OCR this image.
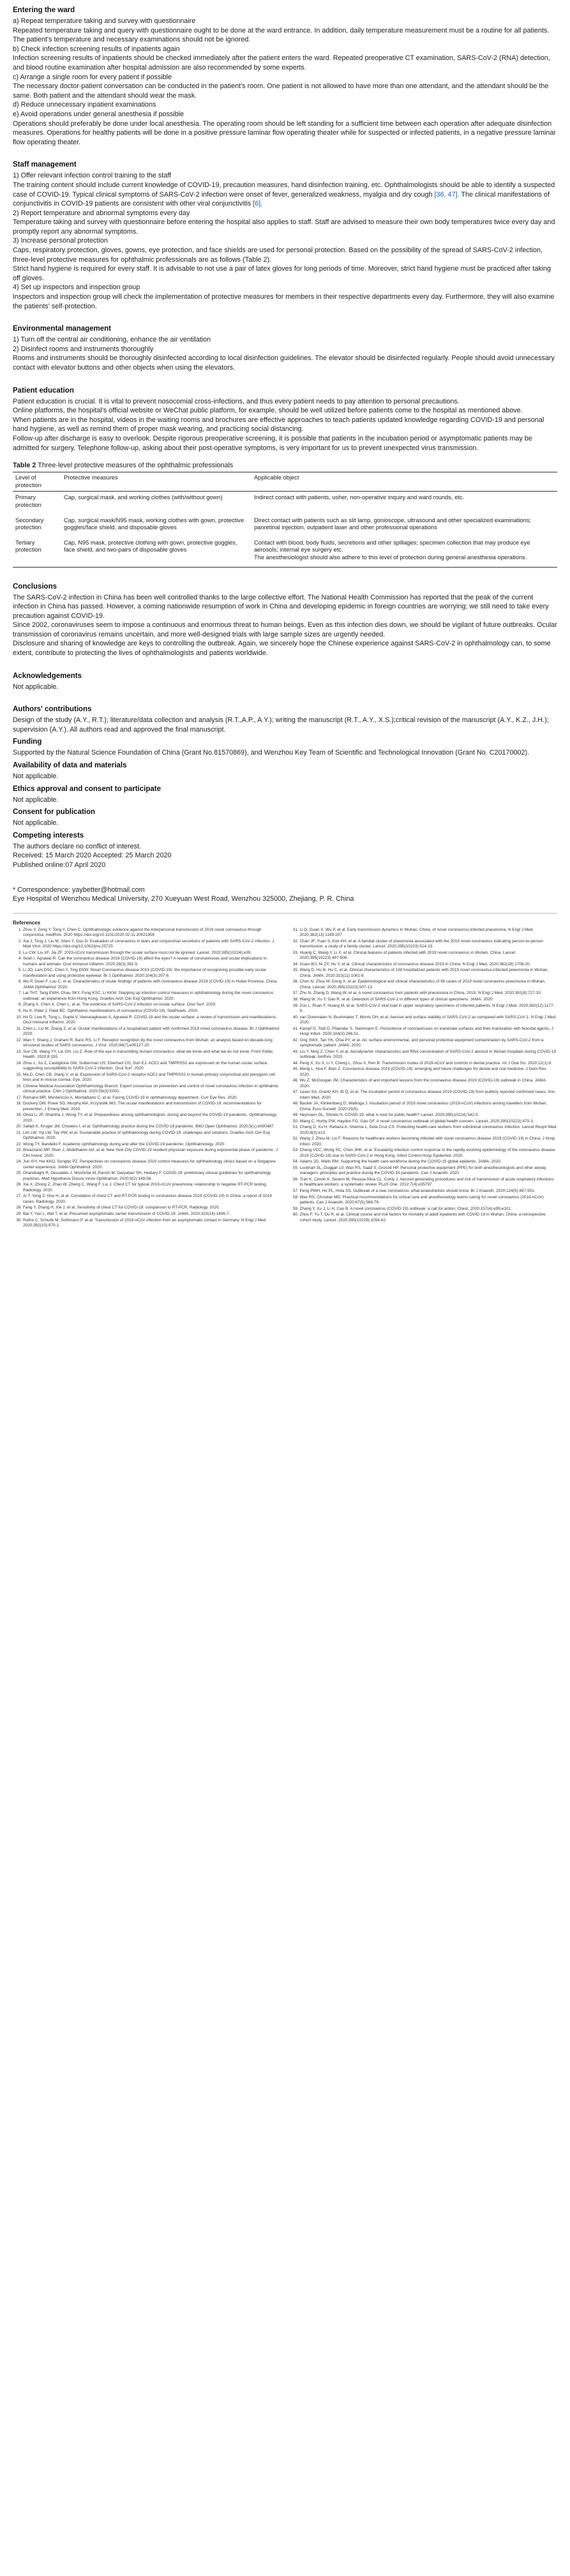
Entering the ward

a) Repeat temperature taking and survey with questionnaire

Repeated temperature taking and query with questionnaire ought to be done at the ward entrance. In addition, daily temperature measurement must be a routine for all patients. The patient's temperature and necessary examinations should not be ignored.

b) Check infection screening results of inpatients again

Infection screening results of inpatients should be checked immediately after the patient enters the ward. Repeated preoperative CT examination, SARS-CoV-2 (RNA) detection, and blood routine examination after hospital admission are also recommended by some experts.

c) Arrange a single room for every patient if possible

The necessary doctor-patient conversation can be conducted in the patient's room. One patient is not allowed to have more than one attendant, and the attendant should be the same. Both patient and the attendant should wear the mask.

d) Reduce unnecessary inpatient examinations

e) Avoid operations under general anesthesia if possible

Operations should preferably be done under local anesthesia. The operating room should be left standing for a sufficient time between each operation after adequate disinfection measures. Operations for healthy patients will be done in a positive pressure laminar flow operating theater while for suspected or infected patients, in a negative pressure laminar flow operating theater.

Staff management

1) Offer relevant infection control training to the staff

The training content should include current knowledge of COVID-19, precaution measures, hand disinfection training, etc. Ophthalmologists should be able to identify a suspected case of COVID-19. Typical clinical symptoms of SARS-CoV-2 infection were onset of fever, generalized weakness, myalgia and dry cough [36, 47]. The clinical manifestations of conjunctivitis in COVID-19 patients are consistent with other viral conjunctivitis [6].

2) Report temperature and abnormal symptoms every day

Temperature taking and survey with questionnaire before entering the hospital also applies to staff. Staff are advised to measure their own body temperatures twice every day and promptly report any abnormal symptoms.

3) Increase personal protection

Caps, respiratory protection, gloves, gowns, eye protection, and face shields are used for personal protection. Based on the possibility of the spread of SARS-CoV-2 infection, three-level protective measures for ophthalmic professionals are as follows (Table 2).

Strict hand hygiene is required for every staff. It is advisable to not use a pair of latex gloves for long periods of time. Moreover, strict hand hygiene must be practiced after taking off gloves.

4) Set up inspectors and inspection group

Inspectors and inspection group will check the implementation of protective measures for members in their respective departments every day. Furthermore, they will also examine the patients' self-protection.

Environmental management

1) Turn off the central air conditioning, enhance the air ventilation

2) Disinfect rooms and instruments thoroughly

Rooms and instruments should be thoroughly disinfected according to local disinfection guidelines. The elevator should be disinfected regularly. People should avoid unnecessary contact with elevator buttons and other objects when using the elevators.

Patient education

Patient education is crucial. It is vital to prevent nosocomial cross-infections, and thus every patient needs to pay attention to personal precautions.

Online platforms, the hospital's official website or WeChat public platform, for example, should be well utilized before patients come to the hospital as mentioned above.

When patients are in the hospital, videos in the waiting rooms and brochures are effective approaches to teach patients updated knowledge regarding COVID-19 and personal hand hygiene, as well as remind them of proper mask wearing, and practicing social distancing.

Follow-up after discharge is easy to overlook. Despite rigorous preoperative screening, it is possible that patients in the incubation period or asymptomatic patients may be admitted for surgery. Telephone follow-up, asking about their post-operative symptoms, is very important for us to prevent unexpected virus transmission.

Table 2 Three-level protective measures of the ophthalmic professionals
Level of protection	Protective measures	Applicable object
Primary protection	Cap, surgical mask, and working clothes (with/without gown)	Indirect contact with patients, usher, non-operative inquiry and ward rounds, etc.
Secondary protection	Cap, surgical mask/N95 mask, working clothes with gown, protective goggles/face shield, and disposable gloves	Direct contact with patients such as slit lamp, gonioscope, ultrasound and other specialized examinations; panretinal injection, outpatient laser and other professional operations
Tertiary protection	Cap, N95 mask, protective clothing with gown, protective goggles, face shield, and two-pairs of disposable gloves	Contact with blood, body fluids, secretions and other spillages; specimen collection that may produce eye aerosols; internal eye surgery etc.
The anesthesiologist should also adhere to this level of protection during general anesthesia operations.
Conclusions

The SARS-CoV-2 infection in China has been well controlled thanks to the large collective effort. The National Health Commission has reported that the peak of the current infection in China has passed. However, a coming nationwide resumption of work in China and developing epidemic in foreign countries are worrying; we still need to take every precaution against COVID-19.

Since 2002, coronaviruses seem to impose a continuous and enormous threat to human beings. Even as this infection dies down, we should be vigilant of future outbreaks. Ocular transmission of coronavirus remains uncertain, and more well-designed trials with large sample sizes are urgently needed.

Disclosure and sharing of knowledge are keys to controlling the outbreak. Again, we sincerely hope the Chinese experience against SARS-CoV-2 in ophthalmology can, to some extent, contribute to protecting the lives of ophthalmologists and patients worldwide.

Acknowledgements

Not applicable.

Authors' contributions

Design of the study (A.Y., R.T.); literature/data collection and analysis (R.T.,A.P., A.Y.); writing the manuscript (R.T., A.Y., X.S.);critical revision of the manuscript (A.Y., K.Z., J.H.); supervision (A.Y.). All authors read and approved the final manuscript.

Funding

Supported by the Natural Science Foundation of China (Grant No.81570869), and Wenzhou Key Team of Scientific and Technological Innovation (Grant No. C20170002).

Availability of data and materials

Not applicable.

Ethics approval and consent to participate

Not applicable.

Consent for publication

Not applicable.

Competing interests

The authors declare no conflict of interest.

Received: 15 March 2020 Accepted: 25 March 2020

Published online:07 April 2020

* Correspondence: yaybetter@hotmail.com
Eye Hospital of Wenzhou Medical University, 270 Xueyuan West Road, Wenzhou 325000, Zhejiang, P. R. China
References
1. Zhou Y, Zeng Y, Tong Y, Chen C. Ophthalmologic evidence against the interpersonal transmission of 2019 novel coronavirus through conjunctiva. medRxiv. 2020 https://doi.org/10.1101/2020.02.11.20021956
2. Xia J, Tong J, Liu M, Shen Y, Guo D. Evaluation of coronavirus in tears and conjunctival secretions of patients with SARS-CoV-2 infection. J Med Virol. 2020 https://doi.org/10.1002/jmv.25725
3. Lu CW, Liu XF, Jia ZF. 2019-nCoV transmission through the ocular surface must not be ignored. Lancet. 2020;395(10224):e39.
4. Seah I, Agrawal R. Can the coronavirus disease 2019 (COVID-19) affect the eyes? A review of coronaviruses and ocular implications in humans and animals. Ocul Immunol Inflamm. 2020;28(3):391-5.
5. Li JO, Lam DSC, Chen Y, Ting DSW. Novel Coronavirus disease 2019 (COVID-19): the importance of recognising possible early ocular manifestation and using protective eyewear. Br J Ophthalmol. 2020;104(3):297-8.
6. Wu P, Duan F, Luo C, et al. Characteristics of ocular findings of patients with coronavirus disease 2019 (COVID-19) in Hubei Province, China. JAMA Ophthalmol. 2020.
7. Lai THT, Tang EWH, Chau SKY, Fung KSC, Li KKW. Stepping up infection control measures in ophthalmology during the novel coronavirus outbreak: an experience from Hong Kong. Graefes Arch Clin Exp Ophthalmol. 2020.
8. Zhang X, Chen X, Chen L, et al. The evidence of SARS-CoV-2 infection on ocular surface. Ocul Surf. 2020.
9. Hu K, Patel J, Patel BC. Ophthalmic manifestations of coronavirus (COVID-19). StatPearls. 2020.
10. Ho D, Low R, Tong L, Gupta V, Veeraraghavan A, Agrawal R. COVID-19 and the ocular surface: a review of transmission and manifestations. Ocul Immunol Inflamm. 2020.
11. Chen L, Liu M, Zhang Z, et al. Ocular manifestations of a hospitalised patient with confirmed 2019 novel coronavirus disease. Br J Ophthalmol. 2020.
12. Wan Y, Shang J, Graham R, Baric RS, Li F. Receptor recognition by the novel coronavirus from Wuhan: an analysis based on decade-long structural studies of SARS coronavirus. J Virol. 2020;94(7):e00127-20.
13. Sun CB, Wang YY, Liu GH, Liu Z. Role of the eye in transmitting human coronavirus: what we know and what we do not know. Front Public Health. 2020;8:155.
14. Zhou L, Xu Z, Castiglione GM, Soiberman US, Eberhart CG, Duh EJ. ACE2 and TMPRSS2 are expressed on the human ocular surface, suggesting susceptibility to SARS-CoV-2 infection. Ocul Surf. 2020.
15. Ma D, Chen CB, Jhanji V, et al. Expression of SARS-CoV-2 receptor ACE2 and TMPRSS2 in human primary conjunctival and pterygium cell lines and in mouse cornea. Eye. 2020.
16. Chinese Medical Association Ophthalmology Branch. Expert consensus on prevention and control of novel coronavirus infection in ophthalmic clinical practice. Chin J Ophthalmol. 2020;56(3):E001.
17. Romano MR, Montericcio A, Montalbano C, et al. Facing COVID-19 in ophthalmology department. Curr Eye Res. 2020.
18. Dockery DM, Rowe SG, Murphy MA, Krzystolik MG. The ocular manifestations and transmission of COVID-19: recommendations for prevention. J Emerg Med. 2020.
19. Olivia Li JP, Shantha J, Wong TY, et al. Preparedness among ophthalmologists: during and beyond the COVID-19 pandemic. Ophthalmology. 2020.
20. Safadi K, Kruger JM, Chowers I, et al. Ophthalmology practice during the COVID-19 pandemic. BMJ Open Ophthalmol. 2020;5(1):e000487.
21. Lim LW, Yip LW, Tay HW, et al. Sustainable practice of ophthalmology during COVID-19: challenges and solutions. Graefes Arch Clin Exp Ophthalmol. 2020.
22. Wong TY, Bandello F. Academic ophthalmology during and after the COVID-19 pandemic. Ophthalmology. 2020.
23. Breazzano MP, Shen J, Abdelhakim AH, et al. New York City COVID-19 resident physician exposure during exponential phase of pandemic. J Clin Invest. 2020.
24. Jun ISY, Hui KKO, Songbo PZ. Perspectives on coronavirus disease 2019 control measures for ophthalmology clinics based on a Singapore center experience. JAMA Ophthalmol. 2020.
25. Gharebaghi R, Desuatels J, Moshirfar M, Parvizi M, Daryabari SH, Heidary F. COVID-19: preliminary clinical guidelines for ophthalmology practices. Med Hypothesis Discov Innov Ophthalmol. 2020;9(2):149-58.
26. Xie X, Zhong Z, Zhao W, Zheng C, Wang F, Liu J. Chest CT for typical 2019-nCoV pneumonia: relationship to negative RT-PCR testing. Radiology. 2020.
27. Ai T, Yang Z, Hou H, et al. Correlation of chest CT and RT-PCR testing in coronavirus disease 2019 (COVID-19) in China: a report of 1014 cases. Radiology. 2020.
28. Fang Y, Zhang H, Xie J, et al. Sensitivity of chest CT for COVID-19: comparison to RT-PCR. Radiology. 2020.
29. Bai Y, Yao L, Wei T, et al. Presumed asymptomatic carrier transmission of COVID-19. JAMA. 2020;323(14):1406-7.
30. Rothe C, Schunk M, Sothmann P, et al. Transmission of 2019-nCoV infection from an asymptomatic contact in Germany. N Engl J Med. 2020;382(10):970-1.
31. Li Q, Guan X, Wu P, et al. Early transmission dynamics in Wuhan, China, of novel coronavirus-infected pneumonia. N Engl J Med. 2020;382(13):1199-207.
32. Chan JF, Yuan S, Kok KH, et al. A familial cluster of pneumonia associated with the 2019 novel coronavirus indicating person-to-person transmission: a study of a family cluster. Lancet. 2020;395(10223):514-23.
33. Huang C, Wang Y, Li X, et al. Clinical features of patients infected with 2019 novel coronavirus in Wuhan, China. Lancet. 2020;395(10223):497-506.
34. Guan WJ, Ni ZY, Hu Y, et al. Clinical characteristics of coronavirus disease 2019 in China. N Engl J Med. 2020;382(18):1708-20.
35. Wang D, Hu B, Hu C, et al. Clinical characteristics of 138 hospitalized patients with 2019 novel coronavirus-infected pneumonia in Wuhan, China. JAMA. 2020;323(11):1061-9.
36. Chen N, Zhou M, Dong X, et al. Epidemiological and clinical characteristics of 99 cases of 2019 novel coronavirus pneumonia in Wuhan, China. Lancet. 2020;395(10223):507-13.
37. Zhu N, Zhang D, Wang W, et al. A novel coronavirus from patients with pneumonia in China, 2019. N Engl J Med. 2020;382(8):727-33.
38. Wang W, Xu Y, Gao R, et al. Detection of SARS-CoV-2 in different types of clinical specimens. JAMA. 2020.
39. Zou L, Ruan F, Huang M, et al. SARS-CoV-2 viral load in upper respiratory specimens of infected patients. N Engl J Med. 2020;382(12):1177-9.
40. van Doremalen N, Bushmaker T, Morris DH, et al. Aerosol and surface stability of SARS-CoV-2 as compared with SARS-CoV-1. N Engl J Med. 2020.
41. Kampf G, Todt D, Pfaender S, Steinmann E. Persistence of coronaviruses on inanimate surfaces and their inactivation with biocidal agents. J Hosp Infect. 2020;104(3):246-51.
42. Ong SWX, Tan YK, Chia PY, et al. Air, surface environmental, and personal protective equipment contamination by SARS-CoV-2 from a symptomatic patient. JAMA. 2020.
43. Liu Y, Ning Z, Chen Y, et al. Aerodynamic characteristics and RNA concentration of SARS-CoV-2 aerosol in Wuhan hospitals during COVID-19 outbreak. bioRxiv. 2020.
44. Peng X, Xu X, Li Y, Cheng L, Zhou X, Ren B. Transmission routes of 2019-nCoV and controls in dental practice. Int J Oral Sci. 2020;12(1):9.
45. Meng L, Hua F, Bian Z. Coronavirus disease 2019 (COVID-19): emerging and future challenges for dental and oral medicine. J Dent Res. 2020.
46. Wu Z, McGoogan JM. Characteristics of and important lessons from the coronavirus disease 2019 (COVID-19) outbreak in China. JAMA. 2020.
47. Lauer SA, Grantz KH, Bi Q, et al. The incubation period of coronavirus disease 2019 (COVID-19) from publicly reported confirmed cases. Ann Intern Med. 2020.
48. Backer JA, Klinkenberg D, Wallinga J. Incubation period of 2019 novel coronavirus (2019-nCoV) infections among travellers from Wuhan, China. Euro Surveill. 2020;25(5).
49. Heymann DL, Shindo N. COVID-19: what is next for public health? Lancet. 2020;395(10224):542-5.
50. Wang C, Horby PW, Hayden FG, Gao GF. A novel coronavirus outbreak of global health concern. Lancet. 2020;395(10223):470-3.
51. Chang D, Xu H, Rebaza A, Sharma L, Dela Cruz CS. Protecting health-care workers from subclinical coronavirus infection. Lancet Respir Med. 2020;8(3):e13.
52. Wang J, Zhou M, Liu F. Reasons for healthcare workers becoming infected with novel coronavirus disease 2019 (COVID-19) in China. J Hosp Infect. 2020.
53. Cheng VCC, Wong SC, Chen JHK, et al. Escalating infection control response to the rapidly evolving epidemiology of the coronavirus disease 2019 (COVID-19) due to SARS-CoV-2 in Hong Kong. Infect Control Hosp Epidemiol. 2020.
54. Adams JG, Walls RM. Supporting the health care workforce during the COVID-19 global epidemic. JAMA. 2020.
55. Lockhart SL, Duggan LV, Wax RS, Saad S, Grocott HP. Personal protective equipment (PPE) for both anesthesiologists and other airway managers: principles and practice during the COVID-19 pandemic. Can J Anaesth. 2020.
56. Tran K, Cimon K, Severn M, Pessoa-Silva CL, Conly J. Aerosol generating procedures and risk of transmission of acute respiratory infections to healthcare workers: a systematic review. PLoS One. 2012;7(4):e35797.
57. Peng PWH, Ho PL, Hota SS. Outbreak of a new coronavirus: what anaesthetists should know. Br J Anaesth. 2020;124(5):497-501.
58. Wax RS, Christian MD. Practical recommendations for critical care and anesthesiology teams caring for novel coronavirus (2019-nCoV) patients. Can J Anaesth. 2020;67(5):568-76.
59. Zhang Y, Xu J, Li H, Cao B. A novel coronavirus (COVID-19) outbreak: a call for action. Chest. 2020;157(4):e99-e101.
60. Zhou F, Yu T, Du R, et al. Clinical course and risk factors for mortality of adult inpatients with COVID-19 in Wuhan, China: a retrospective cohort study. Lancet. 2020;395(10229):1054-62.
